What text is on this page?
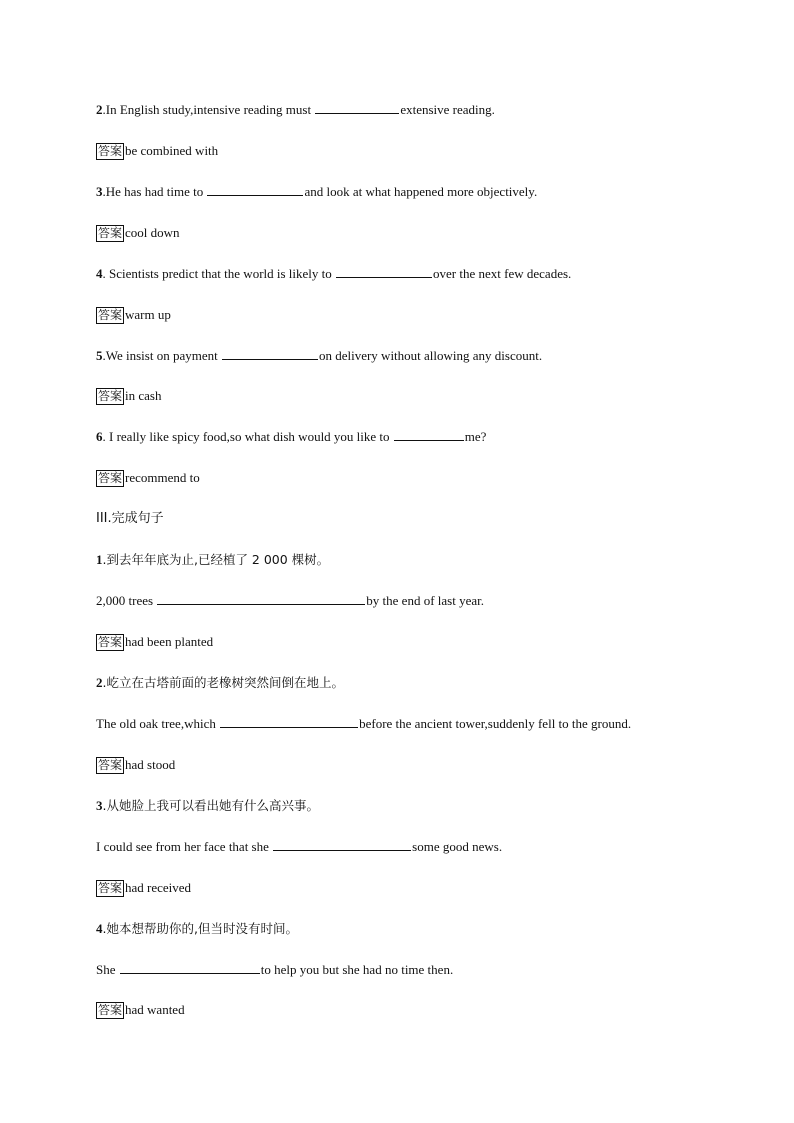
2.In English study,intensive reading must	extensive reading.
答案 be combined with
3.He has had time to	and look at what happened more objectively.
答案 cool down
4. Scientists predict that the world is likely to	over the next few decades.
答案 warm up
5.We insist on payment	on delivery without allowing any discount.
答案 in cash
6. I really like spicy food,so what dish would you like to	me?
答案 recommend to
III.完成句子
1.到去年年底为止,已经植了 2 000 棵树。
2,000 trees	by the end of last year.
答案 had been planted
2.屹立在古塔前面的老橡树突然间倒在地上。
The old oak tree,which	before the ancient tower,suddenly fell to the ground.
答案 had stood
3.从她脸上我可以看出她有什么高兴事。
I could see from her face that she	some good news.
答案 had received
4.她本想帮助你的,但当时没有时间。
She	to help you but she had no time then.
答案 had wanted
